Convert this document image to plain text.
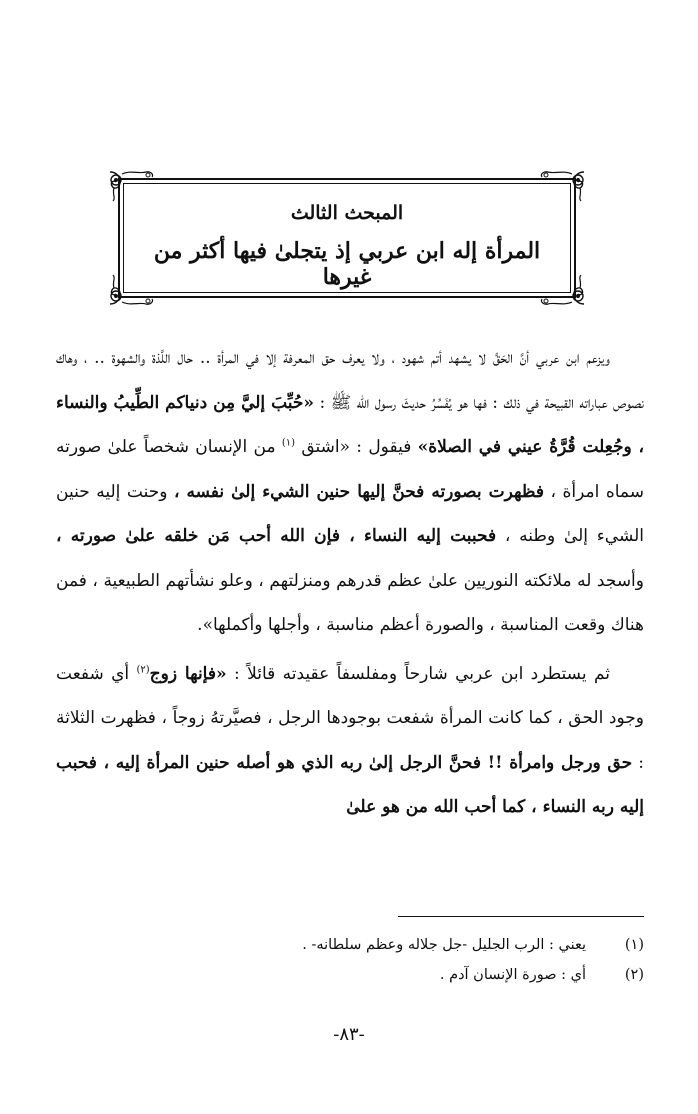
المبحث الثالث
المرأة إله ابن عربي إذ يتجلىٰ فيها أكثر من غيرها

ويزعم ابن عربي أنَّ الحَقَّ لا يشهد أتم شهود ، ولا يعرف حق المعرفة إلا في المرأة .. حال اللَّذة والشهوة .. ، وهاك نصوص عباراته القبيحة في ذلك : فها هو يُفَسِّرُ حديثَ رسول الله ﷺ : «حُبِّبَ إليَّ مِن دنياكم الطِّيبُ والنساء ، وجُعِلت قُرَّةُ عيني في الصلاة» فيقول : «اشتق $^{(١)}$ من الإنسان شخصاً علىٰ صورته سماه امرأة ، فظهرت بصورته فحنَّ إليها حنين الشيء إلىٰ نفسه ، وحنت إليه حنين الشيء إلىٰ وطنه ، فحببت إليه النساء ، فإن الله أحب مَن خلقه علىٰ صورته ، وأسجد له ملائكته النوريين علىٰ عظم قدرهم ومنزلتهم ، وعلو نشأتهم الطبيعية ، فمن هناك وقعت المناسبة ، والصورة أعظم مناسبة ، وأجلها وأكملها».

ثم يستطرد ابن عربي شارحاً ومفلسفاً عقيدته قائلاً : «فإنها زوج$^{(٢)}$ أي شفعت وجود الحق ، كما كانت المرأة شفعت بوجودها الرجل ، فصيَّرتهُ زوجاً ، فظهرت الثلاثة : حق ورجل وامرأة !! فحنَّ الرجل إلىٰ ربه الذي هو أصله حنين المرأة إليه ، فحبب إليه ربه النساء ، كما أحب الله من هو علىٰ

(١)
يعني : الرب الجليل -جل جلاله وعظم سلطانه- .
(٢)
أي : صورة الإنسان آدم .
-٨٣-
